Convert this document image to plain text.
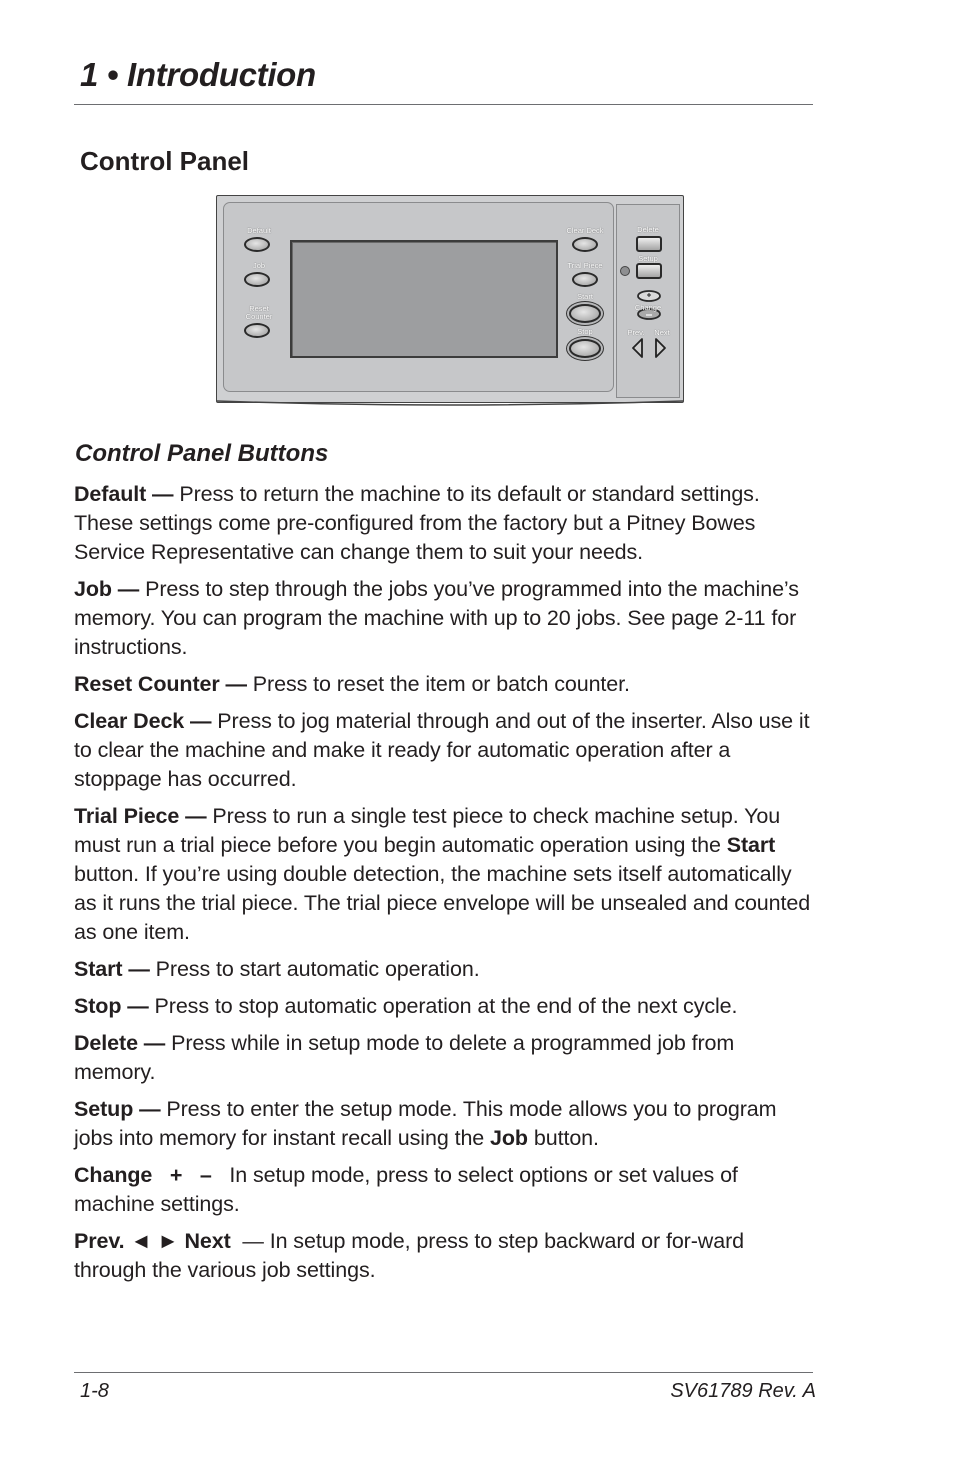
1 • Introduction
Control Panel
Default
Job
Reset
Counter
Clear Deck
Trial Piece
Start
Stop
Delete
Setup
Change
Prev.	Next
Control Panel Buttons

Default — Press to return the machine to its default or standard settings. These settings come pre-configured from the factory but a Pitney Bowes Service Representative can change them to suit your needs.

Job — Press to step through the jobs you’ve programmed into the machine’s memory. You can program the machine with up to 20 jobs. See page 2-11 for instructions.

Reset Counter — Press to reset the item or batch counter.

Clear Deck — Press to jog material through and out of the inserter. Also use it to clear the machine and make it ready for automatic operation after a stoppage has occurred.

Trial Piece — Press to run a single test piece to check machine setup. You must run a trial piece before you begin automatic operation using the Start button. If you’re using double detection, the machine sets itself automatically as it runs the trial piece. The trial piece envelope will be unsealed and counted as one item.

Start — Press to start automatic operation.

Stop — Press to stop automatic operation at the end of the next cycle.

Delete — Press while in setup mode to delete a programmed job from memory.

Setup — Press to enter the setup mode. This mode allows you to program jobs into memory for instant recall using the Job button.

Change   +   –   In setup mode, press to select options or set values of machine settings.

Prev. ◄ ► Next  — In setup mode, press to step backward or for-ward through the various job settings.

1-8	SV61789 Rev. A
